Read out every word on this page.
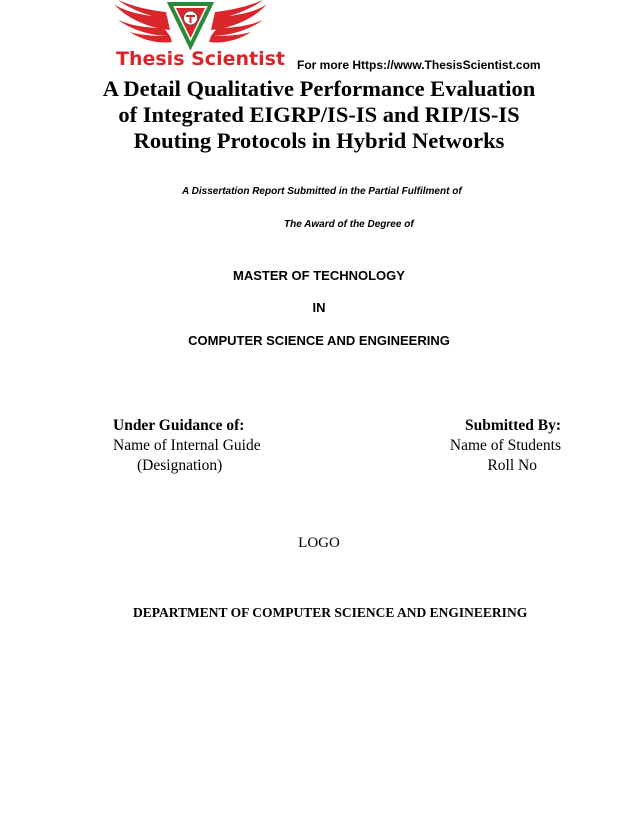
Thesis Scientist For more Https://www.ThesisScientist.com
A Detail Qualitative Performance Evaluation
of Integrated EIGRP/IS-IS and RIP/IS-IS
Routing Protocols in Hybrid Networks
A Dissertation Report Submitted in the Partial Fulfilment of
The Award of the Degree of
MASTER OF TECHNOLOGY
IN
COMPUTER SCIENCE AND ENGINEERING
Under Guidance of:
Name of Internal Guide
(Designation)
Submitted By:
Name of Students
Roll No
LOGO
DEPARTMENT OF COMPUTER SCIENCE AND ENGINEERING
